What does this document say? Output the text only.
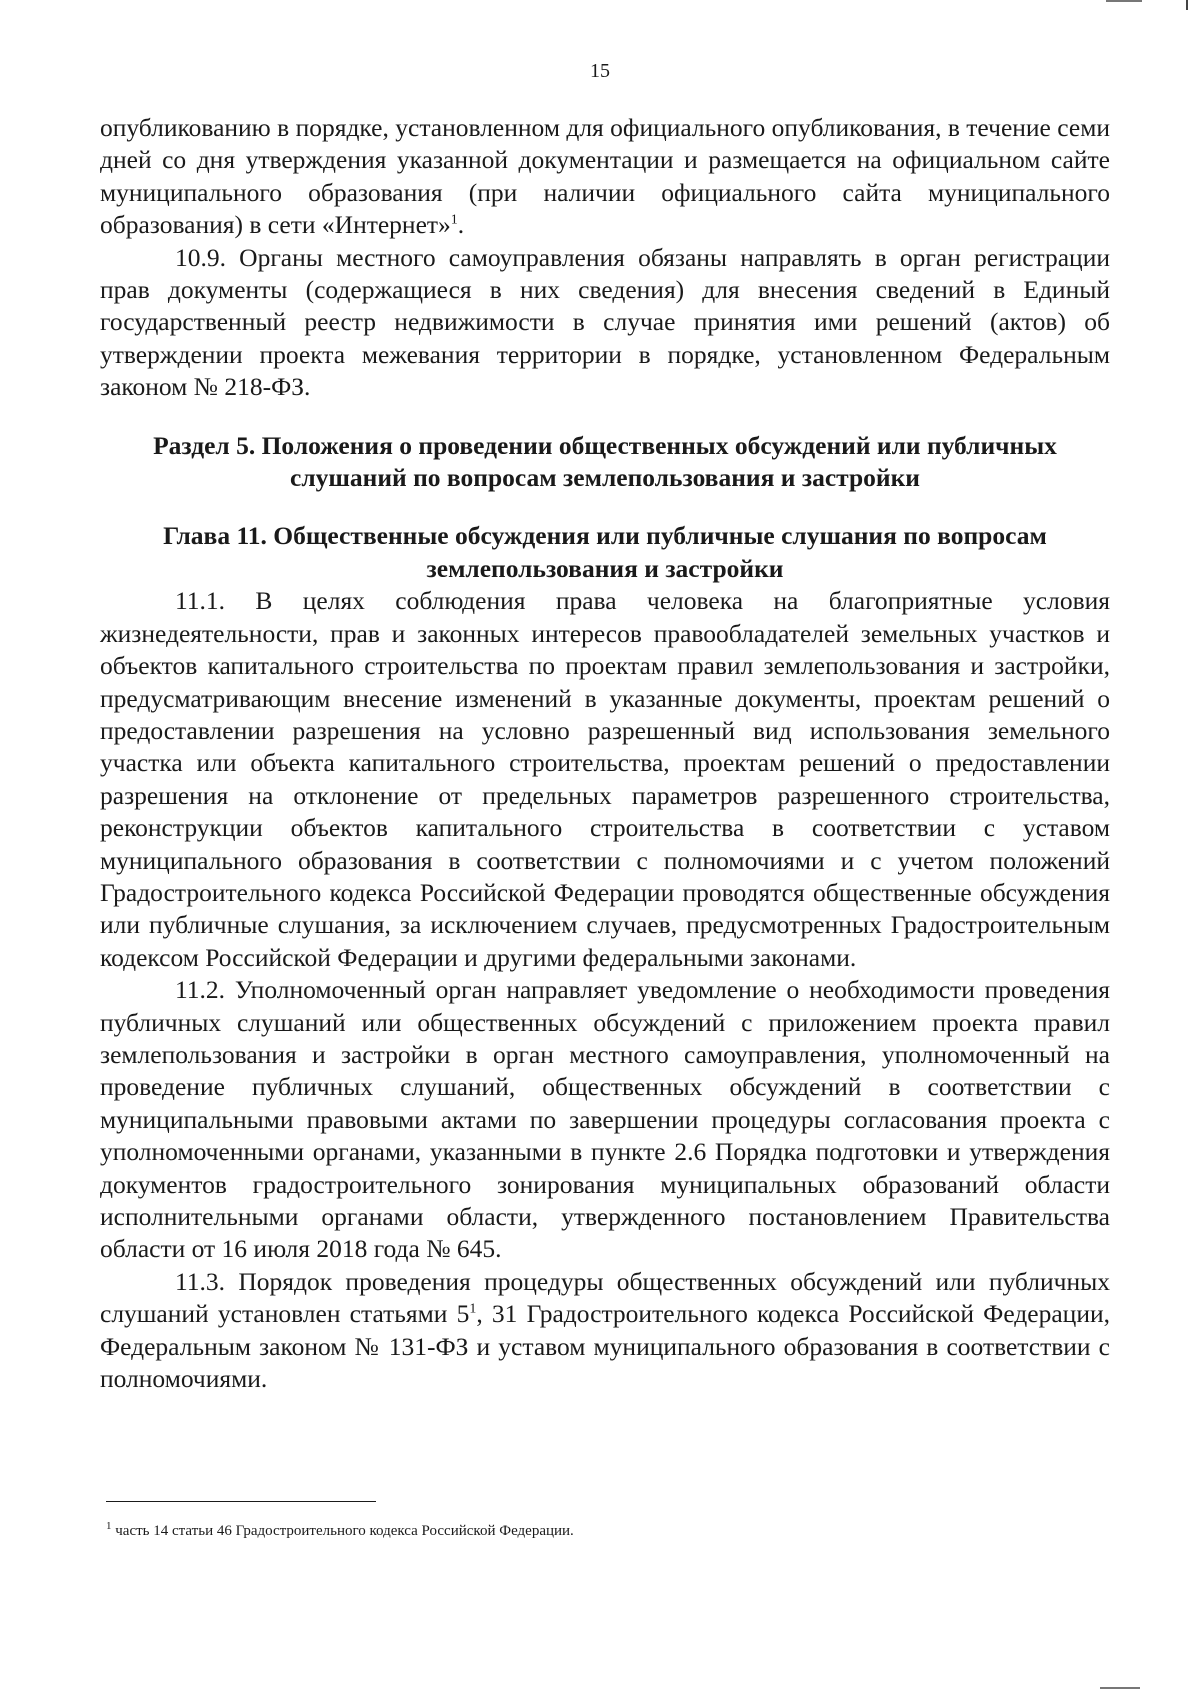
15

опубликованию в порядке, установленном для официального опубликования, в течение семи дней со дня утверждения указанной документации и размещается на официальном сайте муниципального образования (при наличии официального сайта муниципального образования) в сети «Интернет»$^1$.

10.9. Органы местного самоуправления обязаны направлять в орган регистрации прав документы (содержащиеся в них сведения) для внесения сведений в Единый государственный реестр недвижимости в случае принятия ими решений (актов) об утверждении проекта межевания территории в порядке, установленном Федеральным законом № 218-ФЗ.

Раздел 5. Положения о проведении общественных обсуждений или публичных слушаний по вопросам землепользования и застройки
Глава 11. Общественные обсуждения или публичные слушания по вопросам землепользования и застройки

11.1. В целях соблюдения права человека на благоприятные условия жизнедеятельности, прав и законных интересов правообладателей земельных участков и объектов капитального строительства по проектам правил землепользования и застройки, предусматривающим внесение изменений в указанные документы, проектам решений о предоставлении разрешения на условно разрешенный вид использования земельного участка или объекта капитального строительства, проектам решений о предоставлении разрешения на отклонение от предельных параметров разрешенного строительства, реконструкции объектов капитального строительства в соответствии с уставом муниципального образования в соответствии с полномочиями и с учетом положений Градостроительного кодекса Российской Федерации проводятся общественные обсуждения или публичные слушания, за исключением случаев, предусмотренных Градостроительным кодексом Российской Федерации и другими федеральными законами.

11.2. Уполномоченный орган направляет уведомление о необходимости проведения публичных слушаний или общественных обсуждений с приложением проекта правил землепользования и застройки в орган местного самоуправления, уполномоченный на проведение публичных слушаний, общественных обсуждений в соответствии с муниципальными правовыми актами по завершении процедуры согласования проекта с уполномоченными органами, указанными в пункте 2.6 Порядка подготовки и утверждения документов градостроительного зонирования муниципальных образований области исполнительными органами области, утвержденного постановлением Правительства области от 16 июля 2018 года № 645.

11.3. Порядок проведения процедуры общественных обсуждений или публичных слушаний установлен статьями $5^1$, 31 Градостроительного кодекса Российской Федерации, Федеральным законом № 131-ФЗ и уставом муниципального образования в соответствии с полномочиями.

$^1$ часть 14 статьи 46 Градостроительного кодекса Российской Федерации.
